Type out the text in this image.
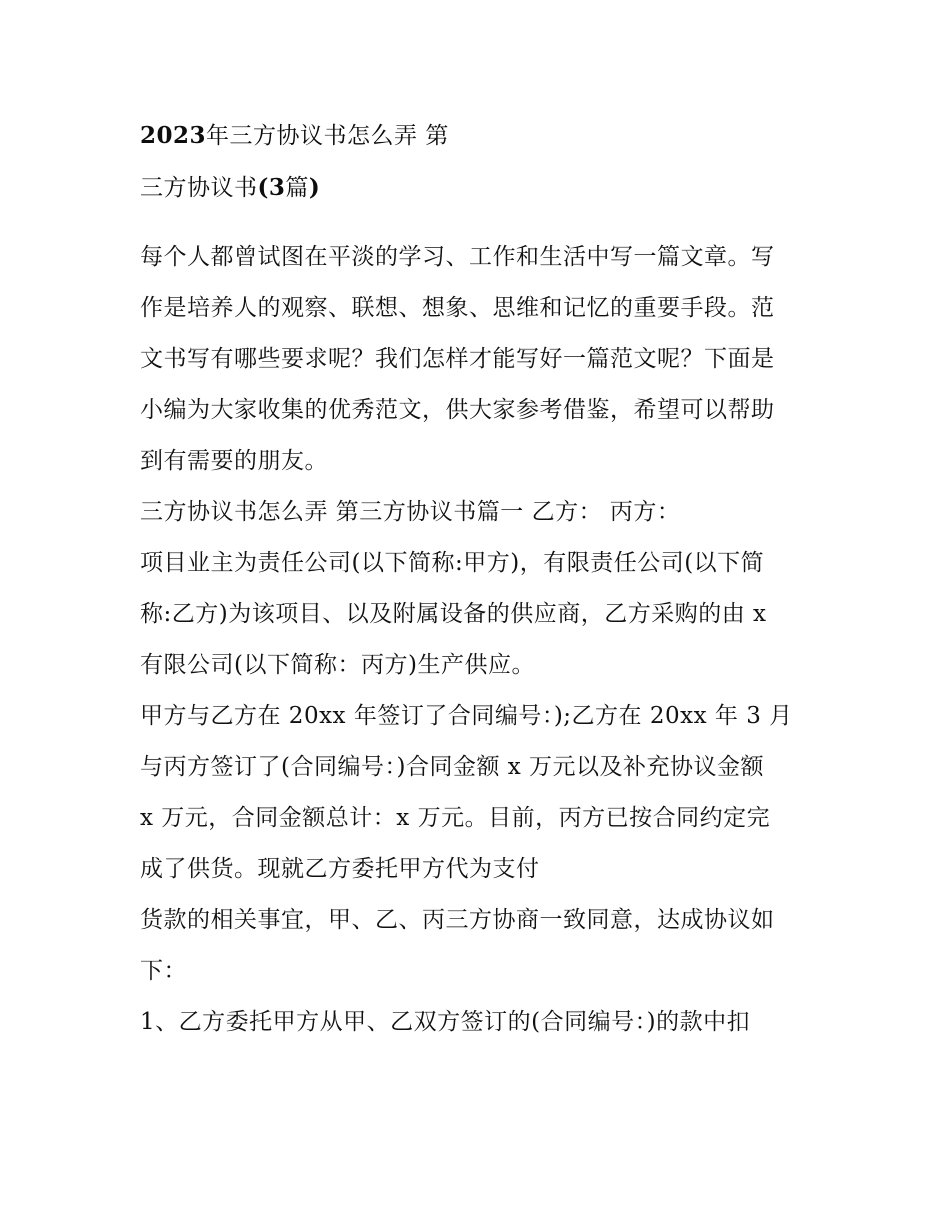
2023年三方协议书怎么弄 第
三方协议书(3篇)
每个人都曾试图在平淡的学习、工作和生活中写一篇文章。写
作是培养人的观察、联想、想象、思维和记忆的重要手段。范
文书写有哪些要求呢？我们怎样才能写好一篇范文呢？下面是
小编为大家收集的优秀范文，供大家参考借鉴，希望可以帮助
到有需要的朋友。
三方协议书怎么弄 第三方协议书篇一 乙方： 丙方：
项目业主为责任公司(以下简称:甲方)，有限责任公司(以下简
称:乙方)为该项目、以及附属设备的供应商，乙方采购的由 x
有限公司(以下简称：丙方)生产供应。
甲方与乙方在 20xx 年签订了合同编号：);乙方在 20xx 年 3 月
与丙方签订了(合同编号：)合同金额 x 万元以及补充协议金额
x 万元，合同金额总计：x 万元。目前，丙方已按合同约定完
成了供货。现就乙方委托甲方代为支付
货款的相关事宜，甲、乙、丙三方协商一致同意，达成协议如
下：
1、乙方委托甲方从甲、乙双方签订的(合同编号：)的款中扣
